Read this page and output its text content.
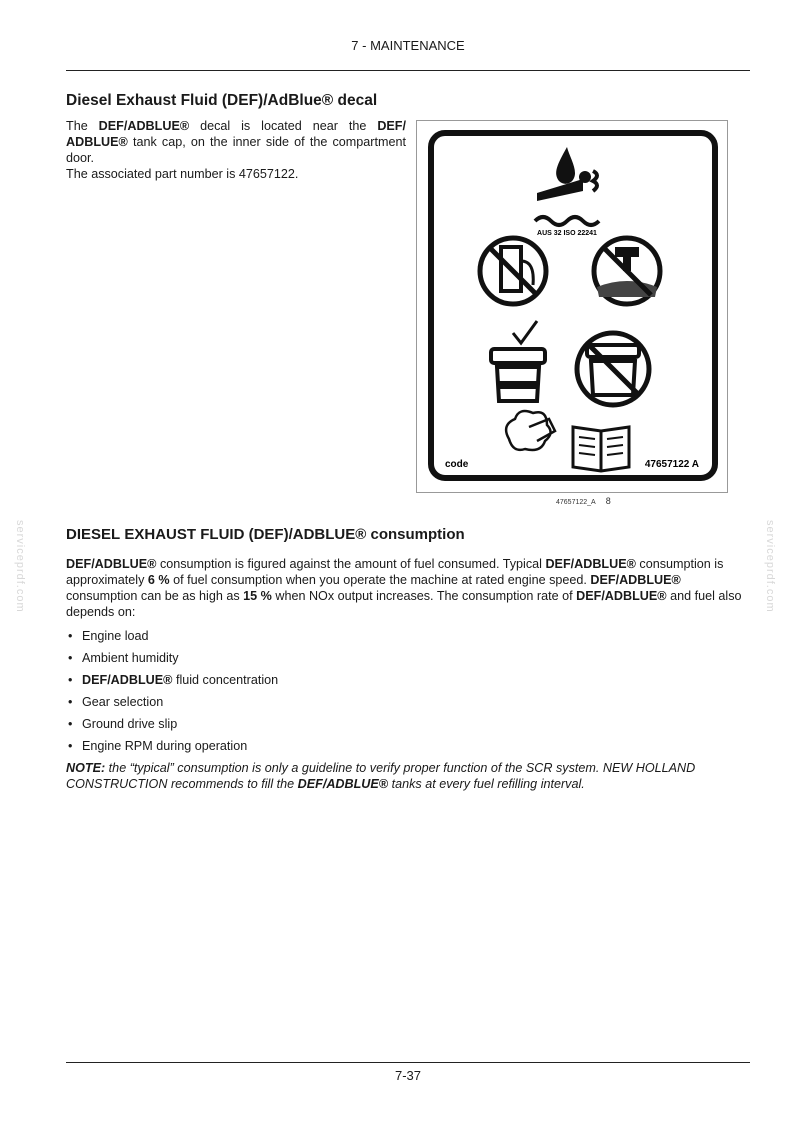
7 - MAINTENANCE
Diesel Exhaust Fluid (DEF)/AdBlue® decal

The DEF/ADBLUE® decal is located near the DEF/ ADBLUE® tank cap, on the inner side of the compartment door.

The associated part number is 47657122.

AUS 32 ISO 22241
code	47657122 A
47657122_A 8
DIESEL EXHAUST FLUID (DEF)/ADBLUE® consumption

DEF/ADBLUE® consumption is figured against the amount of fuel consumed. Typical DEF/ADBLUE® consumption is approximately 6 % of fuel consumption when you operate the machine at rated engine speed. DEF/ADBLUE® consumption can be as high as 15 % when NOx output increases. The consumption rate of DEF/ADBLUE® and fuel also depends on:

• Engine load
• Ambient humidity
• DEF/ADBLUE® fluid concentration
• Gear selection
• Ground drive slip
• Engine RPM during operation

NOTE: the “typical” consumption is only a guideline to verify proper function of the SCR system. NEW HOLLAND CONSTRUCTION recommends to fill the DEF/ADBLUE® tanks at every fuel refilling interval.

serviceprdf.com	serviceprdf.com
7-37
